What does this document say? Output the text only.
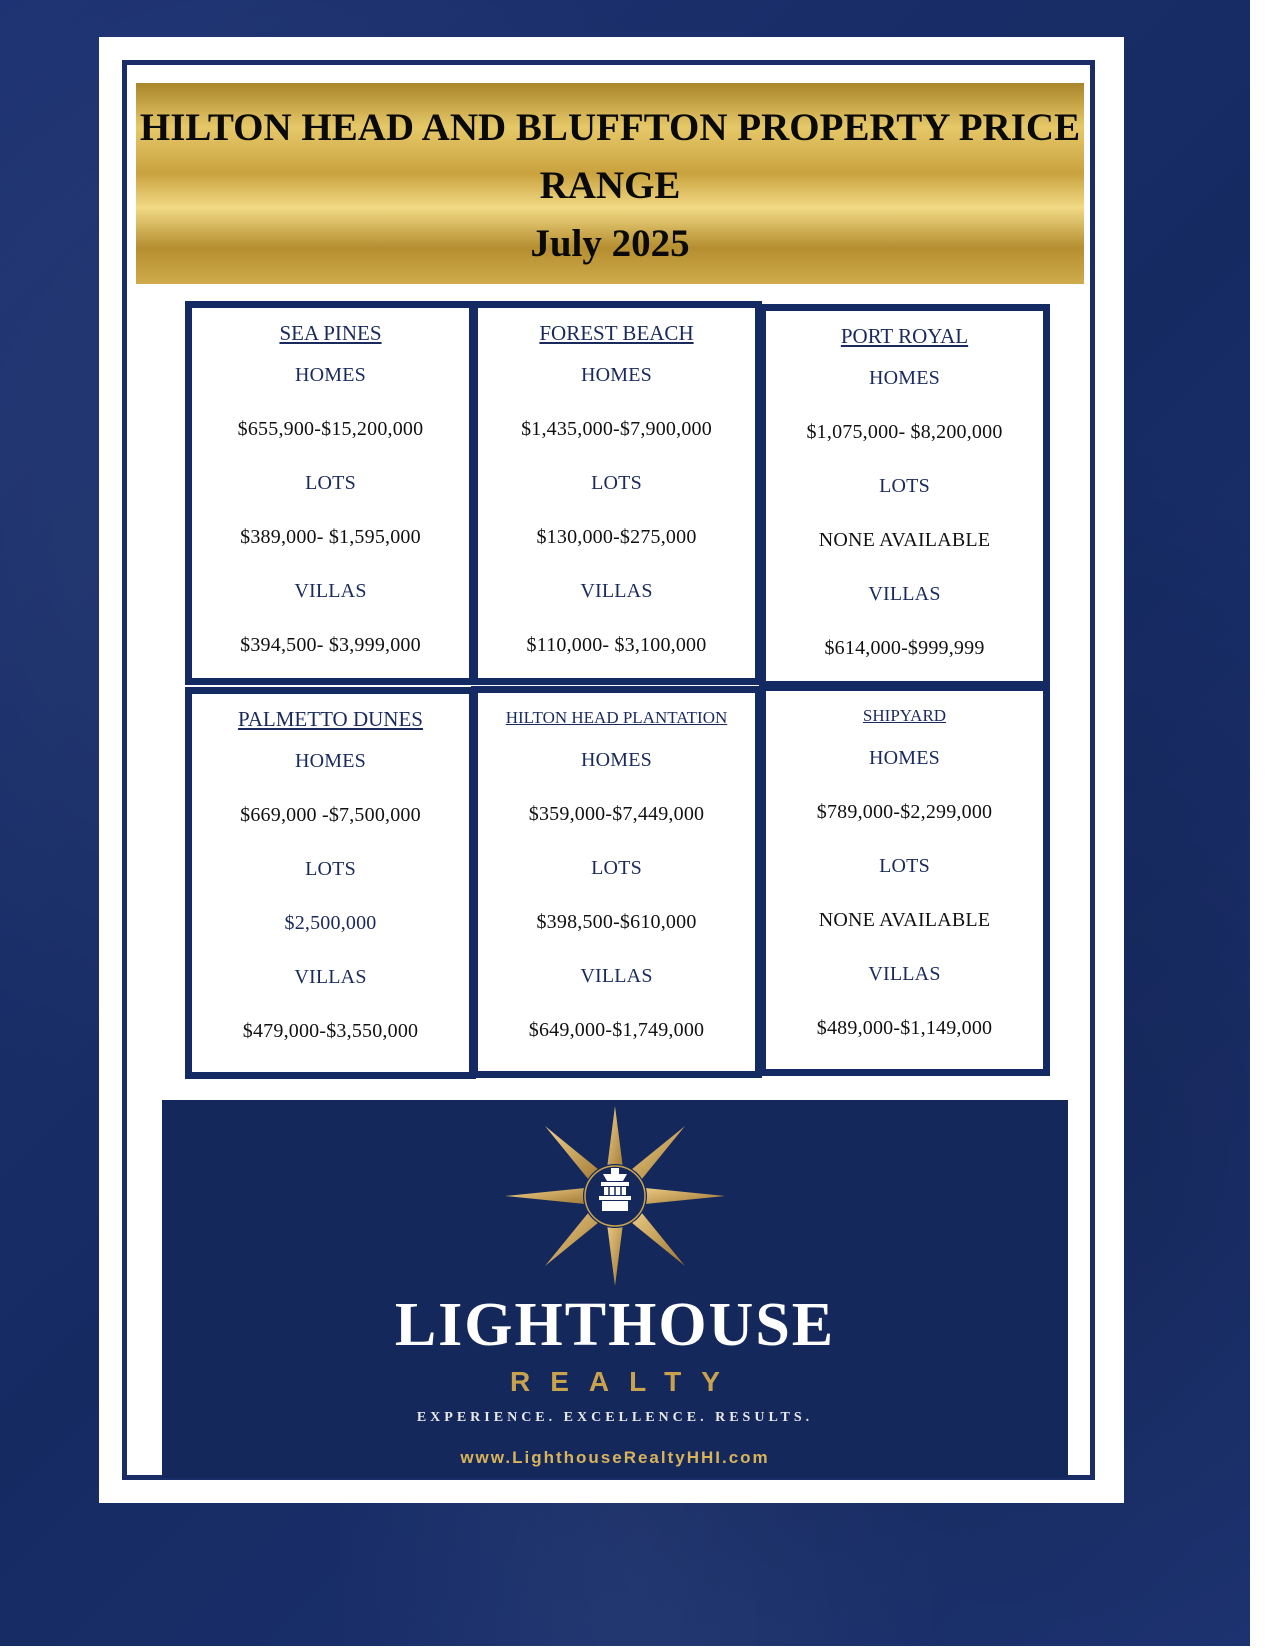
HILTON HEAD AND BLUFFTON PROPERTY PRICE
RANGE
July 2025
SEA PINES
HOMES
$655,900-$15,200,000
LOTS
$389,000- $1,595,000
VILLAS
$394,500- $3,999,000
FOREST BEACH
HOMES
$1,435,000-$7,900,000
LOTS
$130,000-$275,000
VILLAS
$110,000- $3,100,000
PORT ROYAL
HOMES
$1,075,000- $8,200,000
LOTS
NONE AVAILABLE
VILLAS
$614,000-$999,999
PALMETTO DUNES
HOMES
$669,000 -$7,500,000
LOTS
$2,500,000
VILLAS
$479,000-$3,550,000
HILTON HEAD PLANTATION
HOMES
$359,000-$7,449,000
LOTS
$398,500-$610,000
VILLAS
$649,000-$1,749,000
SHIPYARD
HOMES
$789,000-$2,299,000
LOTS
NONE AVAILABLE
VILLAS
$489,000-$1,149,000
LIGHTHOUSE
REALTY
EXPERIENCE. EXCELLENCE. RESULTS.
www.LighthouseRealtyHHI.com
